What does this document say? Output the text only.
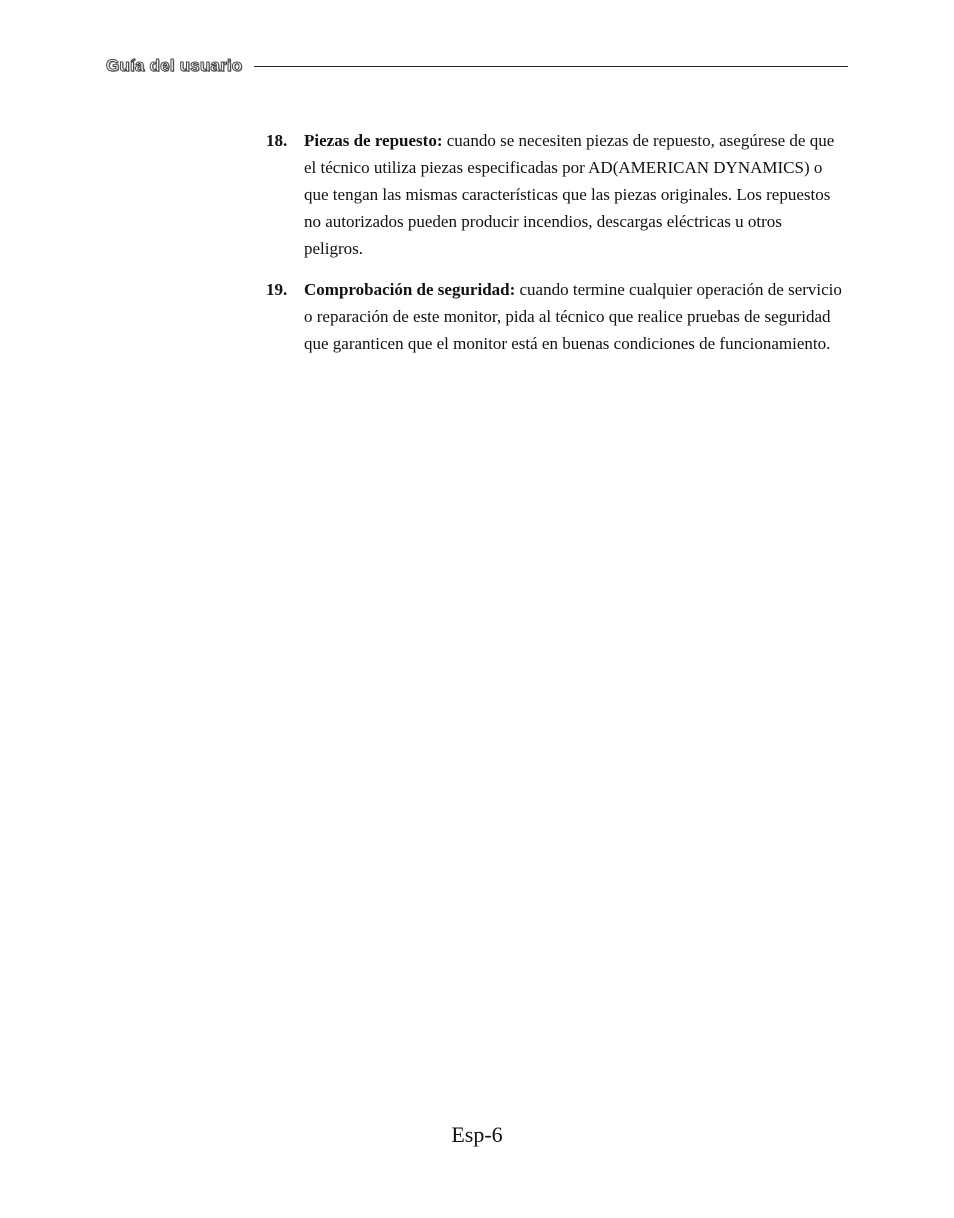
Guía del usuario
18. Piezas de repuesto: cuando se necesiten piezas de repuesto, asegúrese de que el técnico utiliza piezas especificadas por AD(AMERICAN DYNAMICS) o que tengan las mismas características que las piezas originales. Los repuestos no autorizados pueden producir incendios, descargas eléctricas u otros peligros.
19. Comprobación de seguridad: cuando termine cualquier operación de servicio o reparación de este monitor, pida al técnico que realice pruebas de seguridad que garanticen que el monitor está en buenas condiciones de funcionamiento.
Esp-6
